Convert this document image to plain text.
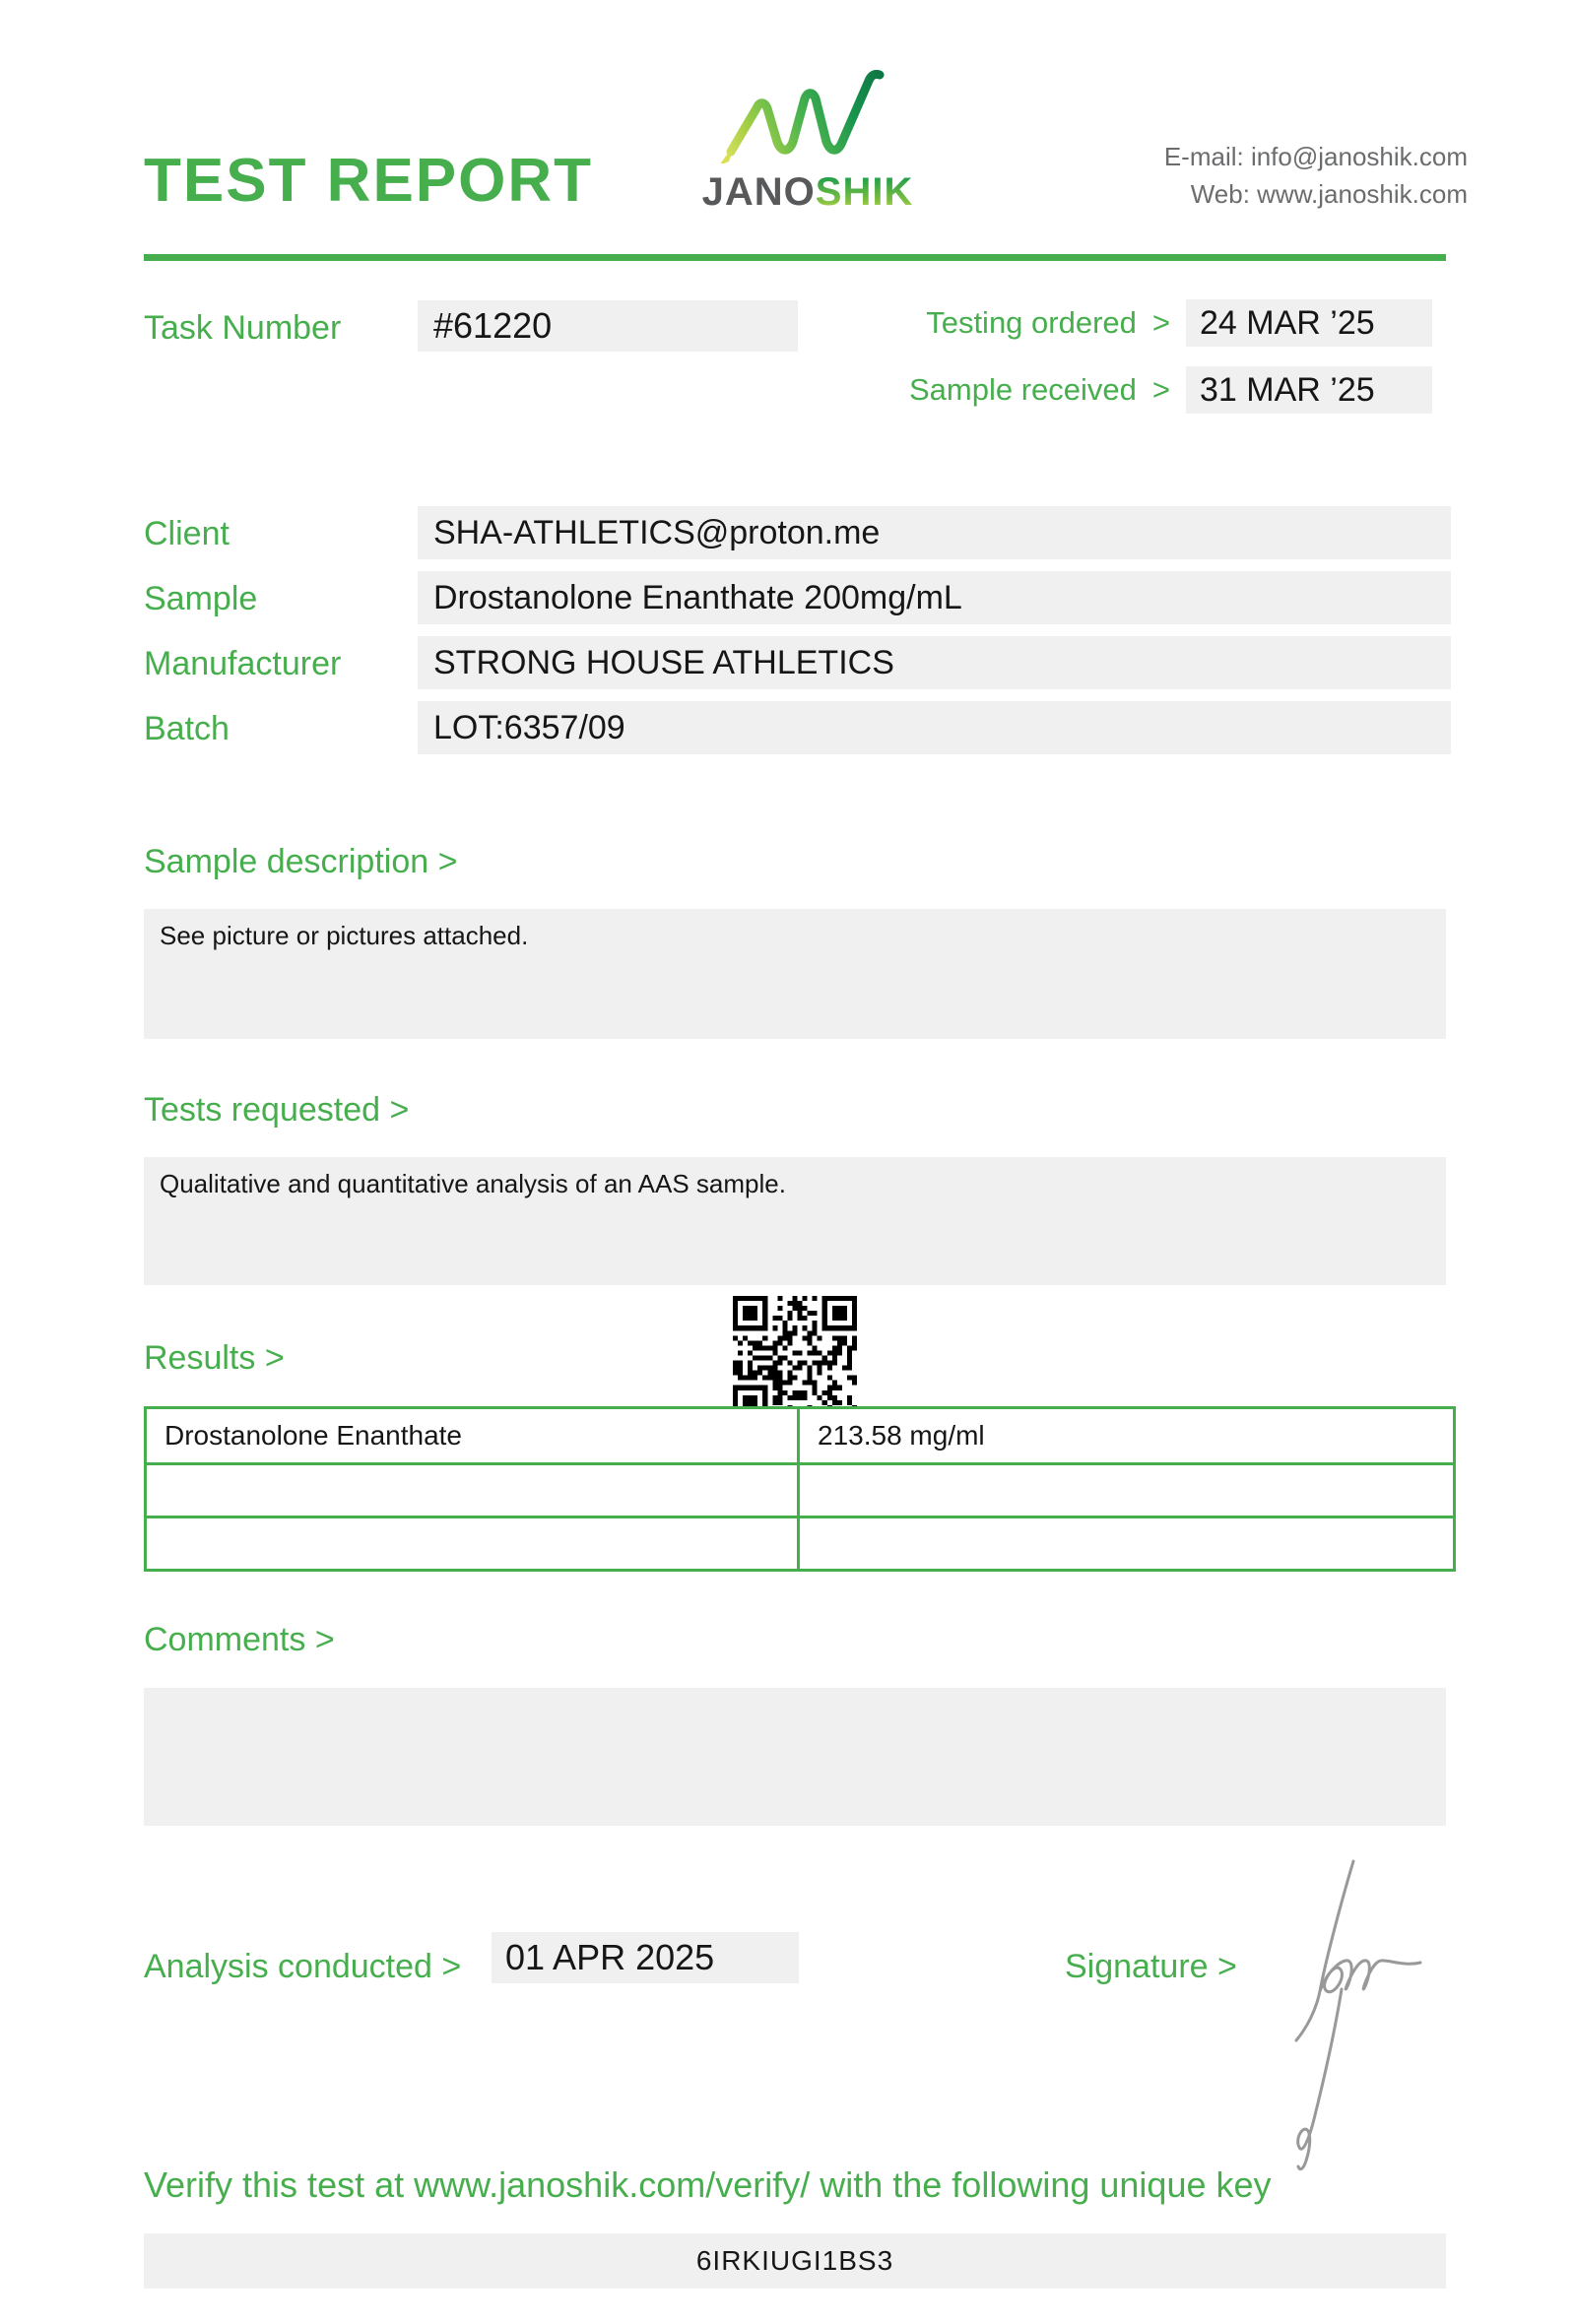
TEST REPORT	JANOSHIK
E-mail: info@janoshik.com
Web: www.janoshik.com
Task Number	#61220	Testing ordered > 24 MAR ’25
Sample received > 31 MAR ’25
Client	SHA-ATHLETICS@proton.me
Sample	Drostanolone Enanthate 200mg/mL
Manufacturer	STRONG HOUSE ATHLETICS
Batch	LOT:6357/09
Sample description >
See picture or pictures attached.
Tests requested >
Qualitative and quantitative analysis of an AAS sample.
Results >
Drostanolone Enanthate	213.58 mg/ml
Comments >
Analysis conducted >	01 APR 2025	Signature >
Verify this test at www.janoshik.com/verify/ with the following unique key
6IRKIUGI1BS3
